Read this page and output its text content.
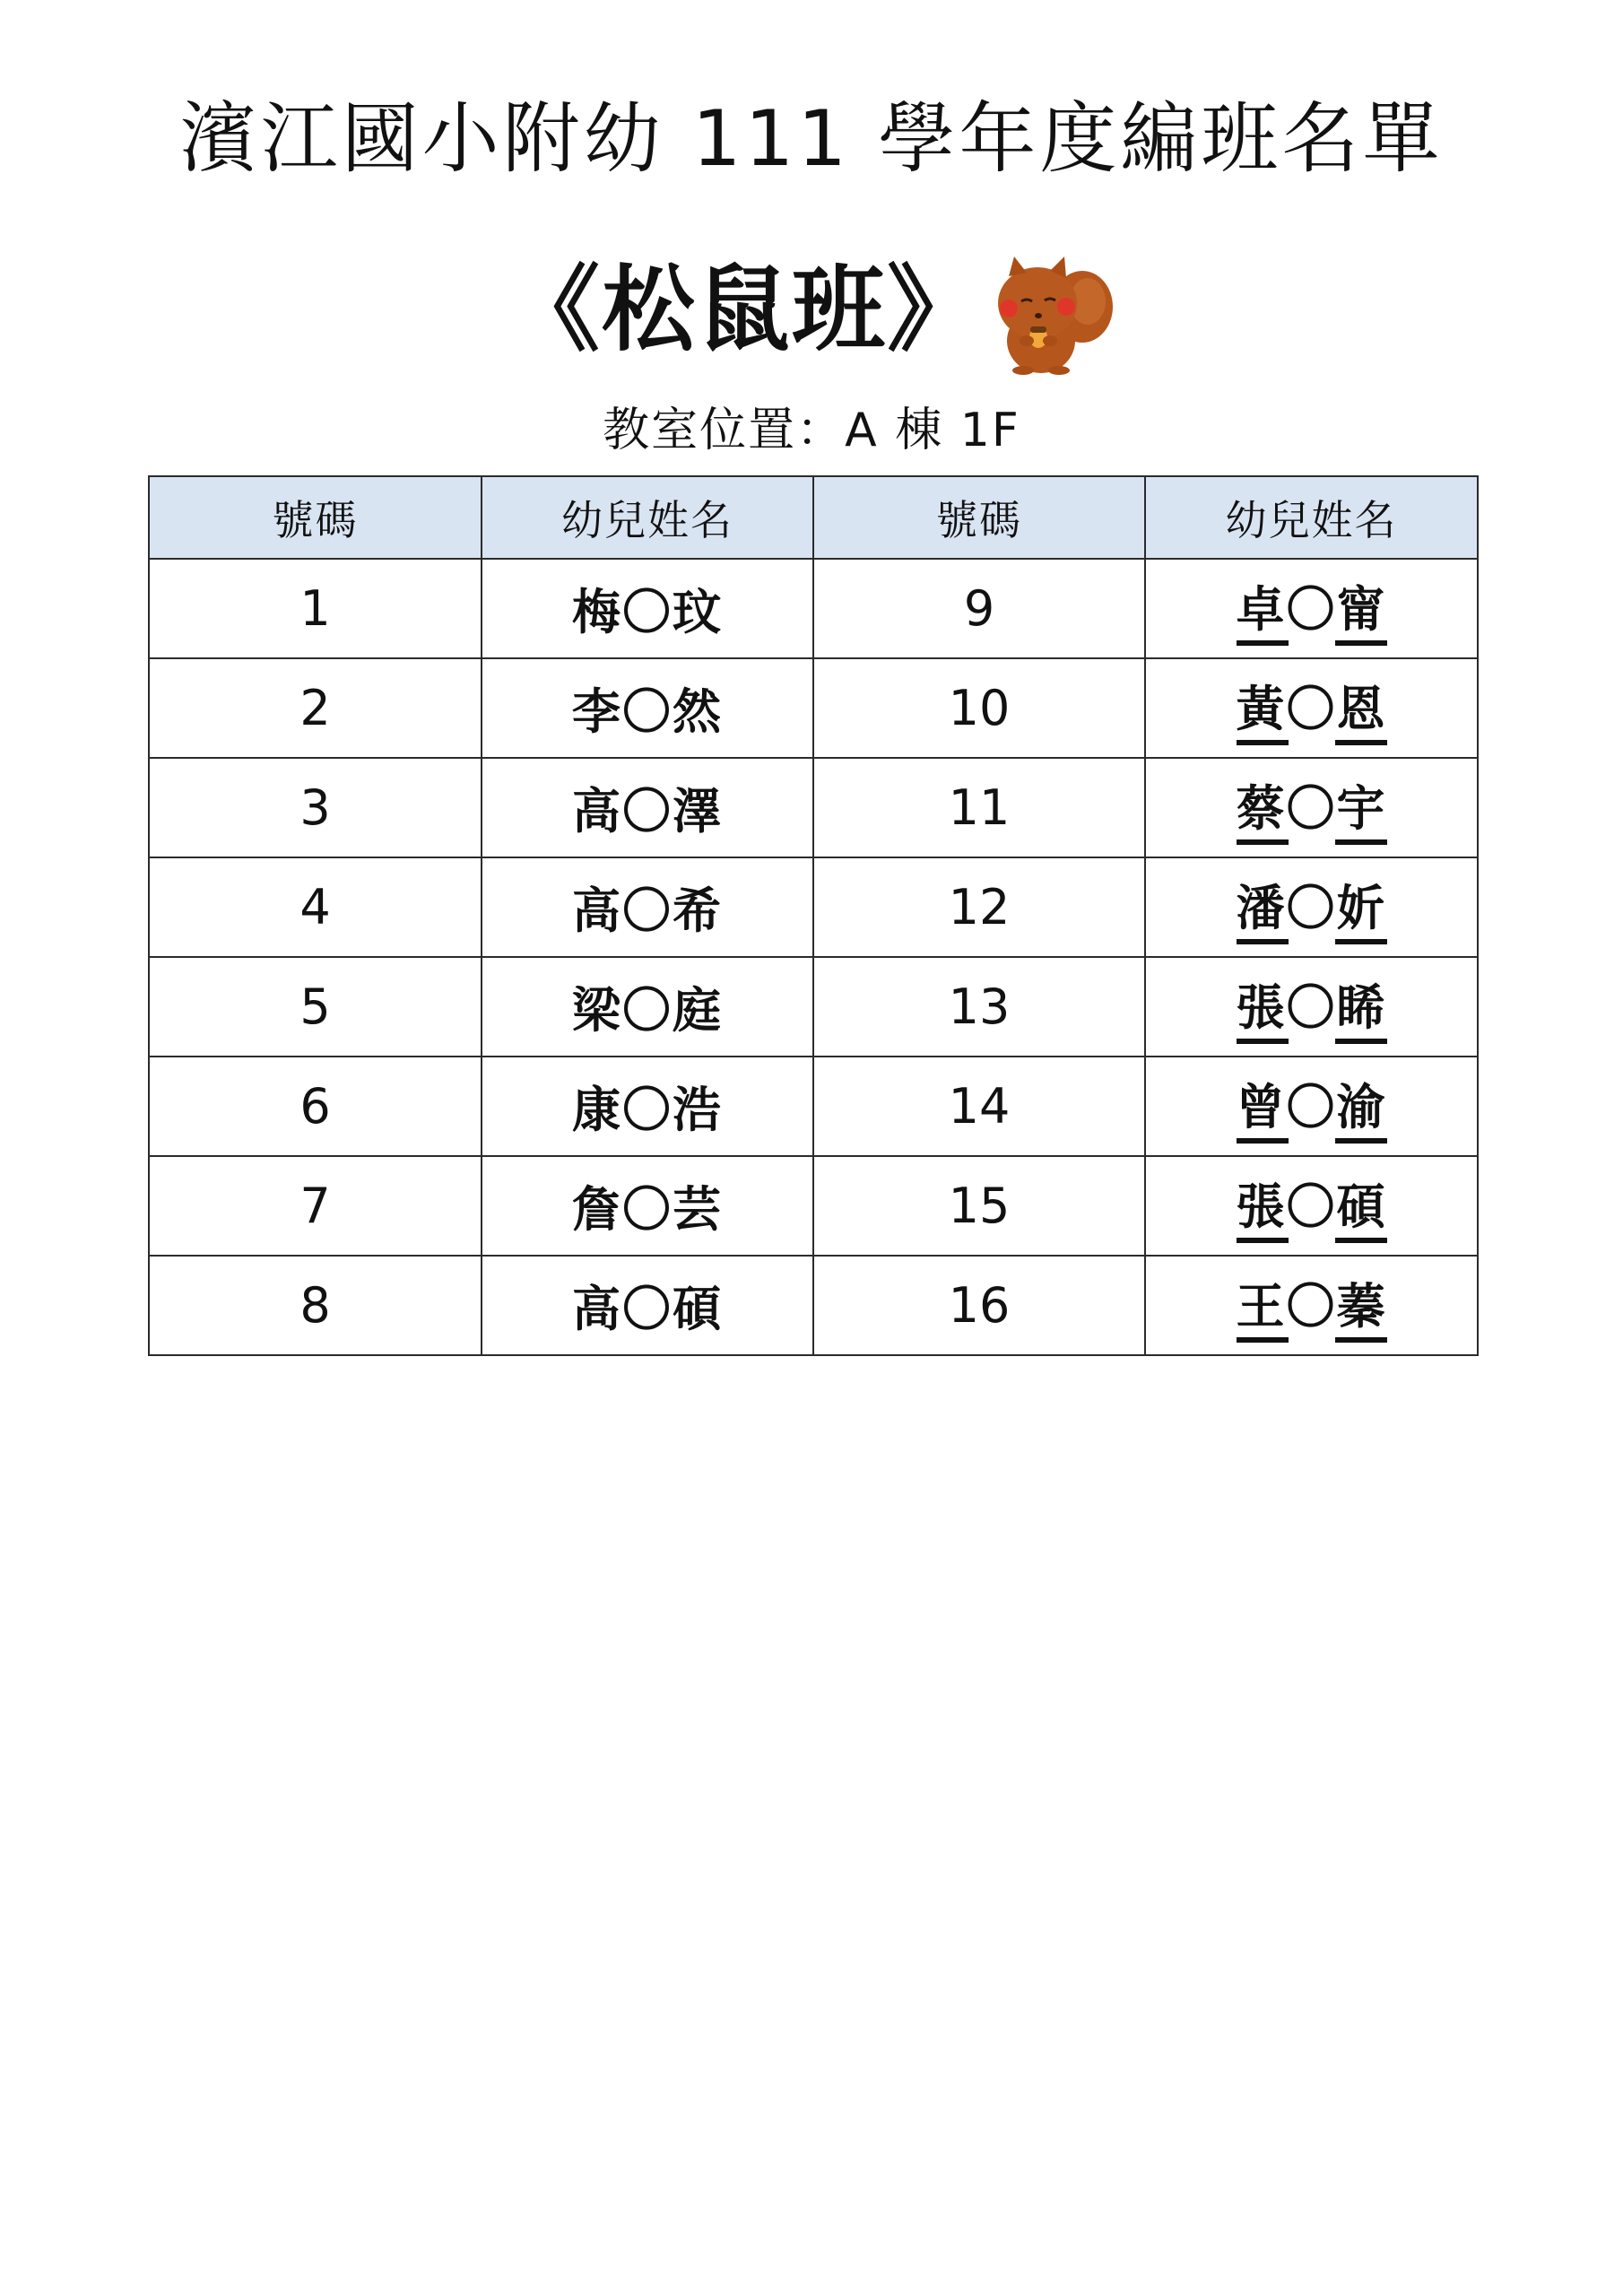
濱江國小附幼 111 學年度編班名單
《松鼠班》
教室位置：A 棟 1F
號碼	幼兒姓名	號碼	幼兒姓名
1	梅〇玟	9	卓〇甯
2	李〇然	10	黃〇恩
3	高〇澤	11	蔡〇宇
4	高〇希	12	潘〇妡
5	梁〇庭	13	張〇睎
6	康〇浩	14	曾〇渝
7	詹〇芸	15	張〇碩
8	高〇碩	16	王〇蓁
